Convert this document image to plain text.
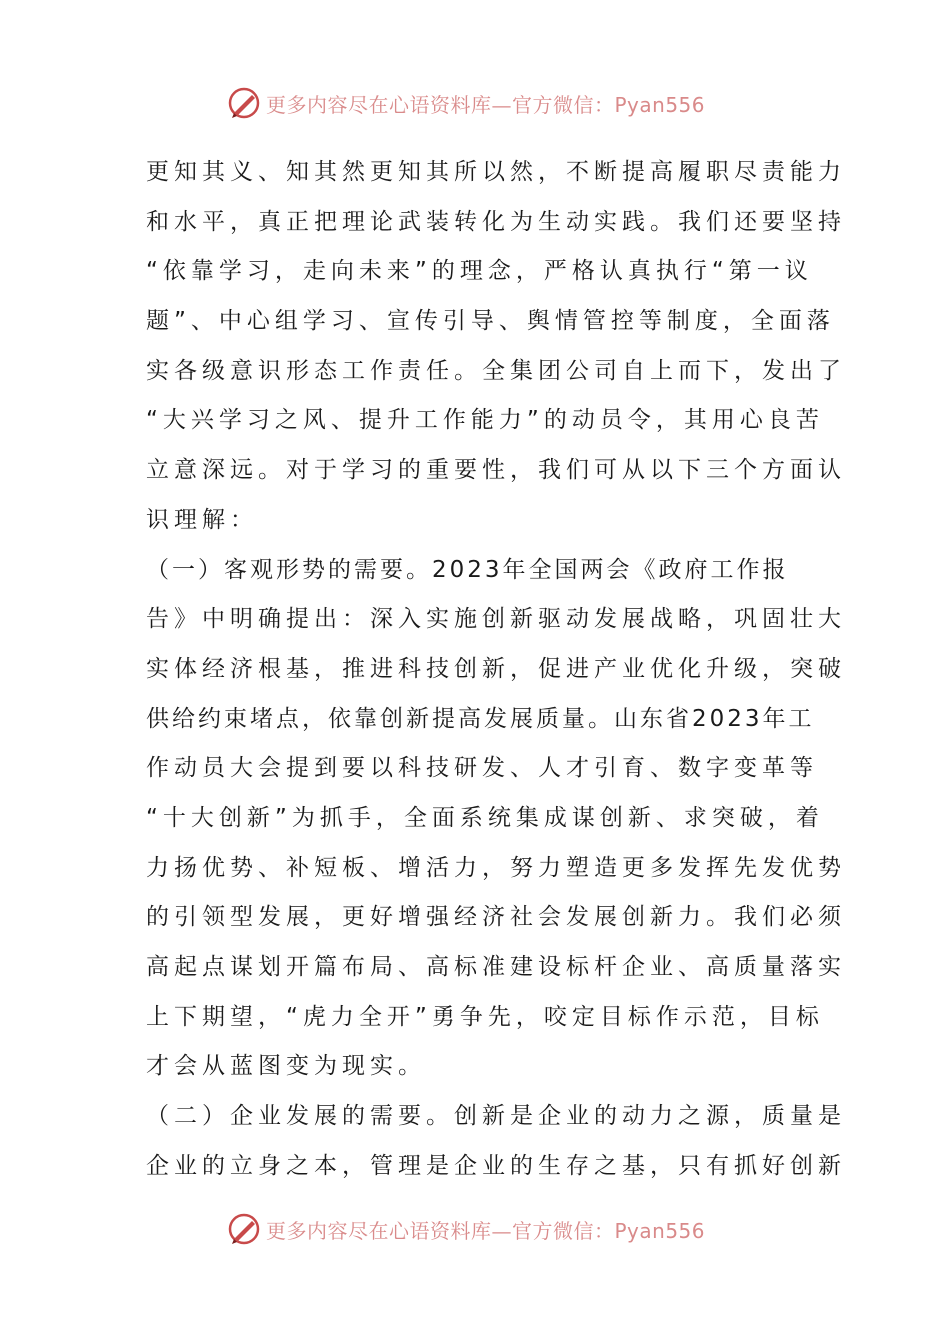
更多内容尽在心语资料库—官方微信：Pyan556
更知其义、知其然更知其所以然，不断提高履职尽责能力
和水平，真正把理论武装转化为生动实践。我们还要坚持
“依靠学习，走向未来”的理念，严格认真执行“第一议
题”、中心组学习、宣传引导、舆情管控等制度，全面落
实各级意识形态工作责任。全集团公司自上而下，发出了
“大兴学习之风、提升工作能力”的动员令，其用心良苦
立意深远。对于学习的重要性，我们可从以下三个方面认
识理解：
（一）客观形势的需要。2023年全国两会《政府工作报
告》中明确提出：深入实施创新驱动发展战略，巩固壮大
实体经济根基，推进科技创新，促进产业优化升级，突破
供给约束堵点，依靠创新提高发展质量。山东省2023年工
作动员大会提到要以科技研发、人才引育、数字变革等
“十大创新”为抓手，全面系统集成谋创新、求突破，着
力扬优势、补短板、增活力，努力塑造更多发挥先发优势
的引领型发展，更好增强经济社会发展创新力。我们必须
高起点谋划开篇布局、高标准建设标杆企业、高质量落实
上下期望，“虎力全开”勇争先，咬定目标作示范，目标
才会从蓝图变为现实。
（二）企业发展的需要。创新是企业的动力之源，质量是
企业的立身之本，管理是企业的生存之基，只有抓好创新
更多内容尽在心语资料库—官方微信：Pyan556
